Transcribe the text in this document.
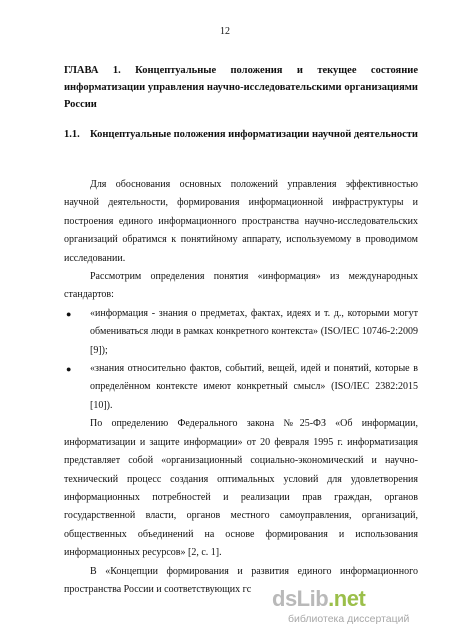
12
ГЛАВА 1. Концептуальные положения и текущее состояние информатизации управления научно-исследовательскими организациями России
1.1. Концептуальные положения информатизации научной деятельности

Для обоснования основных положений управления эффективностью научной деятельности, формирования информационной инфраструктуры и построения единого информационного пространства научно-исследовательских организаций обратимся к понятийному аппарату, используемому в проводимом исследовании.

Рассмотрим определения понятия «информация» из международных стандартов:

● «информация - знания о предметах, фактах, идеях и т. д., которыми могут обмениваться люди в рамках конкретного контекста» (ISO/IEC 10746-2:2009 [9]);
● «знания относительно фактов, событий, вещей, идей и понятий, которые в определённом контексте имеют конкретный смысл» (ISO/IEC 2382:2015 [10]).

По определению Федерального закона №25-ФЗ «Об информации, информатизации и защите информации» от 20 февраля 1995 г. информатизация представляет собой «организационный социально-экономический и научно-технический процесс создания оптимальных условий для удовлетворения информационных потребностей и реализации прав граждан, органов государственной власти, органов местного самоуправления, организаций, общественных объединений на основе формирования и использования информационных ресурсов» [2, с. 1].

В «Концепции формирования и развития единого информационного пространства России и соответствующих гс dsLib.net
библиотека диссертаций
